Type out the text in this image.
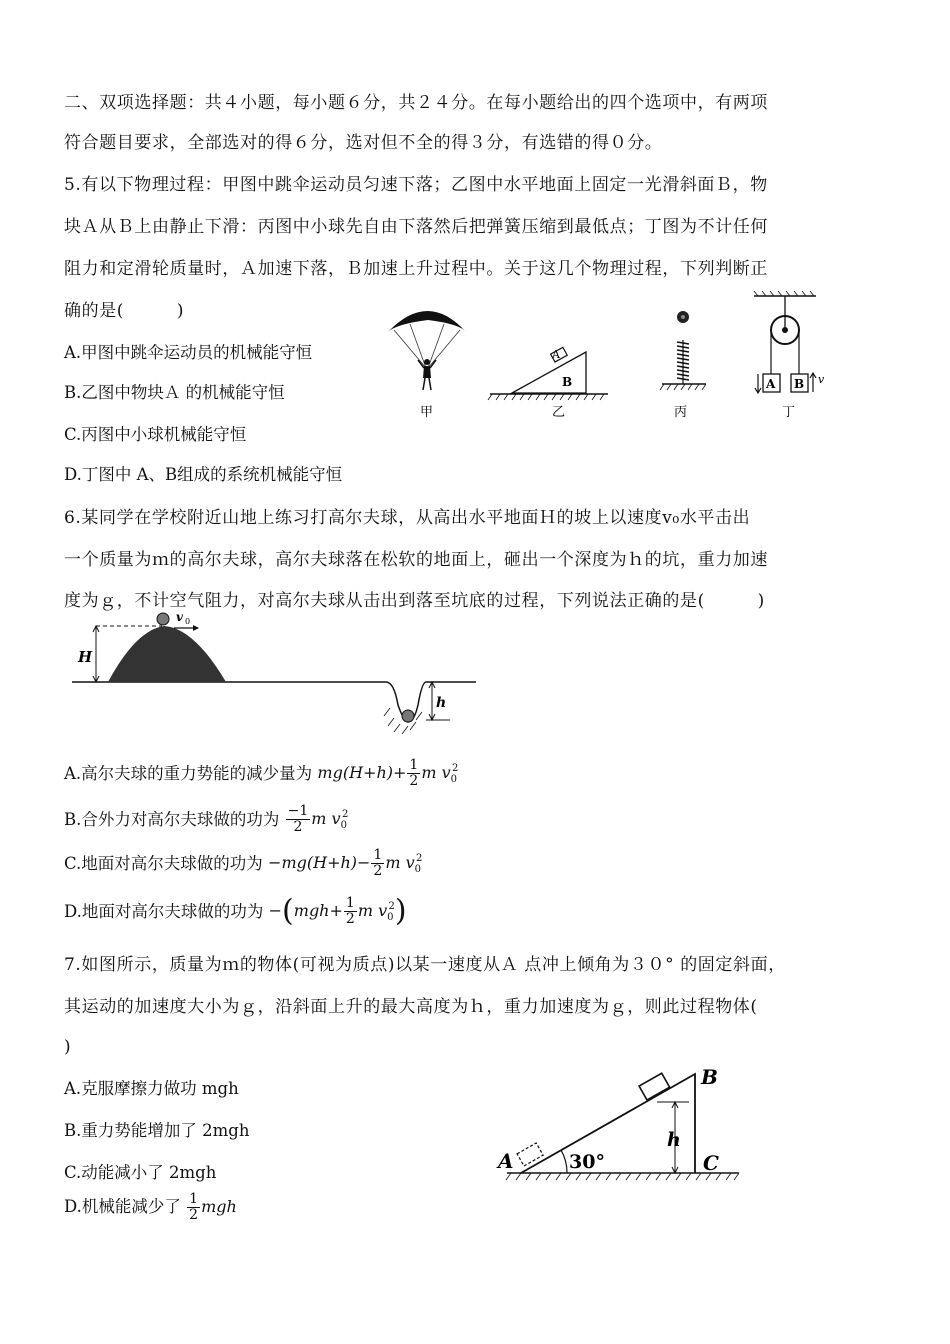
二、双项选择题：共４小题，每小题６分，共２４分。在每小题给出的四个选项中，有两项
符合题目要求，全部选对的得６分，选对但不全的得３分，有选错的得０分。
5.有以下物理过程：甲图中跳伞运动员匀速下落；乙图中水平地面上固定一光滑斜面Ｂ，物
块Ａ从Ｂ上由静止下滑：丙图中小球先自由下落然后把弹簧压缩到最低点；丁图为不计任何
阻力和定滑轮质量时，Ａ加速下落，Ｂ加速上升过程中。关于这几个物理过程，下列判断正
确的是(　　　)
A.甲图中跳伞运动员的机械能守恒
B.乙图中物块Ａ 的机械能守恒
C.丙图中小球机械能守恒
D.丁图中 A、B组成的系统机械能守恒
甲
A
B
乙	丙
A B v
丁
6.某同学在学校附近山地上练习打高尔夫球，从高出水平地面Ｈ的坡上以速度v₀水平击出
一个质量为ｍ的高尔夫球，高尔夫球落在松软的地面上，砸出一个深度为ｈ的坑，重力加速
度为ｇ，不计空气阻力，对高尔夫球从击出到落至坑底的过程，下列说法正确的是(　　　)
H
v 0
h
A.高尔夫球的重力势能的减少量为 $mg(H+h)+ \frac{1}{2}$ m $v_0^2$
B.合外力对高尔夫球做的功为 $\frac{-1}{2}$ m $v_0^2$
C.地面对高尔夫球做的功为 $-mg(H+h)- \frac{1}{2}$ m $v_0^2$
D.地面对高尔夫球做的功为 $-(mgh+ \frac{1}{2}$ m $v_0^2$)
7.如图所示，质量为ｍ的物体(可视为质点)以某一速度从Ａ 点冲上倾角为３０° 的固定斜面，
其运动的加速度大小为ｇ，沿斜面上升的最大高度为ｈ，重力加速度为ｇ，则此过程物体(
)
A.克服摩擦力做功 mgh
B.重力势能增加了 2mgh
C.动能减小了 2mgh
D.机械能减少了 $\frac{1}{2}$ mgh
h
A
B
C
30°
